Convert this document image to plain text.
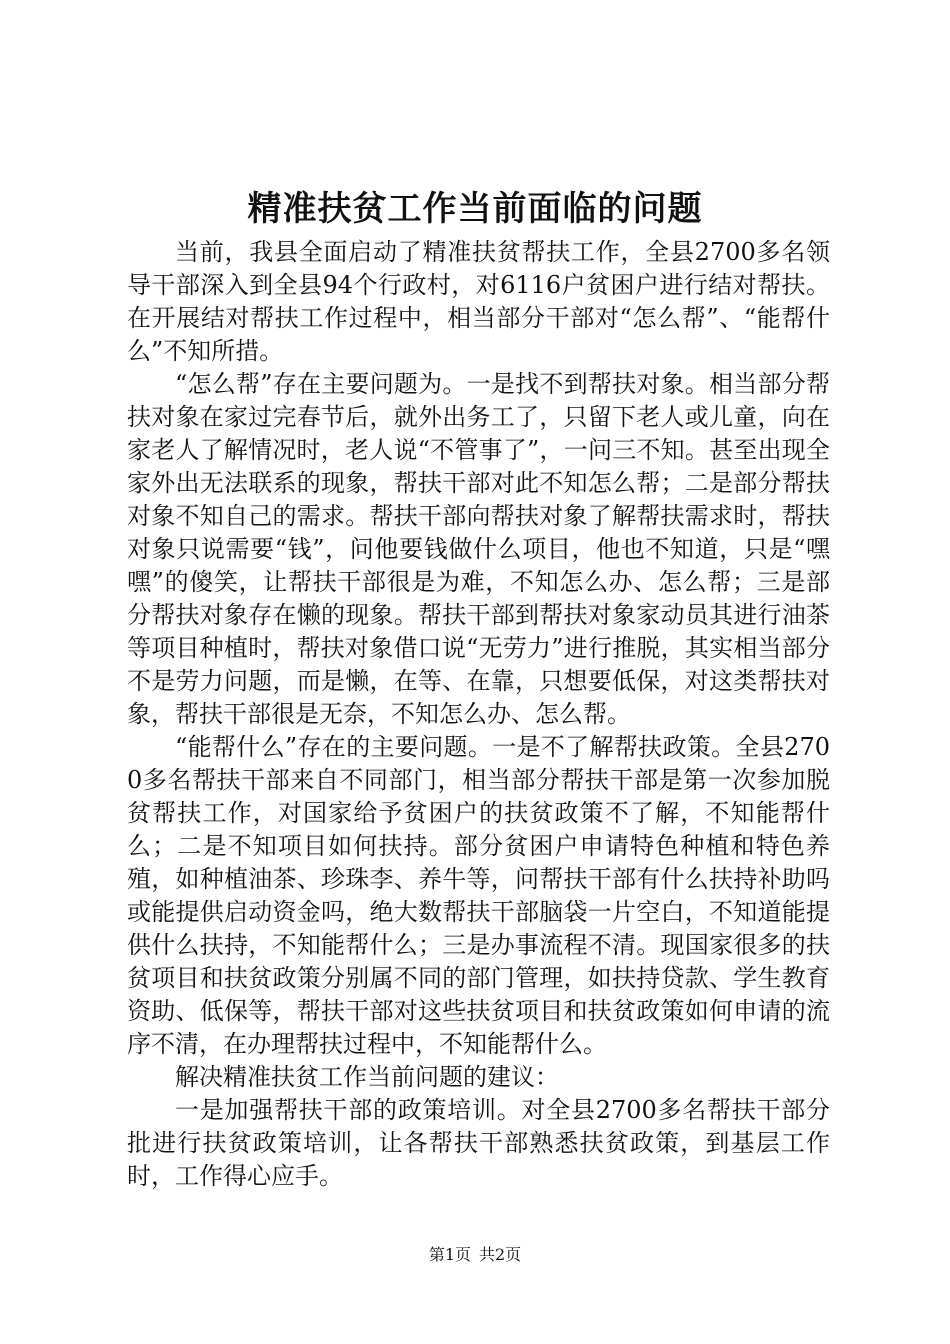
精准扶贫工作当前面临的问题

当前，我县全面启动了精准扶贫帮扶工作，全县2700多名领导干部深入到全县94个行政村，对6116户贫困户进行结对帮扶。在开展结对帮扶工作过程中，相当部分干部对“怎么帮”、“能帮什么”不知所措。

“怎么帮”存在主要问题为。一是找不到帮扶对象。相当部分帮扶对象在家过完春节后，就外出务工了，只留下老人或儿童，向在家老人了解情况时，老人说“不管事了”，一问三不知。甚至出现全家外出无法联系的现象，帮扶干部对此不知怎么帮；二是部分帮扶对象不知自己的需求。帮扶干部向帮扶对象了解帮扶需求时，帮扶对象只说需要“钱”，问他要钱做什么项目，他也不知道，只是“嘿嘿”的傻笑，让帮扶干部很是为难，不知怎么办、怎么帮；三是部分帮扶对象存在懒的现象。帮扶干部到帮扶对象家动员其进行油茶等项目种植时，帮扶对象借口说“无劳力”进行推脱，其实相当部分不是劳力问题，而是懒，在等、在靠，只想要低保，对这类帮扶对象，帮扶干部很是无奈，不知怎么办、怎么帮。

“能帮什么”存在的主要问题。一是不了解帮扶政策。全县2700多名帮扶干部来自不同部门，相当部分帮扶干部是第一次参加脱贫帮扶工作，对国家给予贫困户的扶贫政策不了解，不知能帮什么；二是不知项目如何扶持。部分贫困户申请特色种植和特色养殖，如种植油茶、珍珠李、养牛等，问帮扶干部有什么扶持补助吗或能提供启动资金吗，绝大数帮扶干部脑袋一片空白，不知道能提供什么扶持，不知能帮什么；三是办事流程不清。现国家很多的扶贫项目和扶贫政策分别属不同的部门管理，如扶持贷款、学生教育资助、低保等，帮扶干部对这些扶贫项目和扶贫政策如何申请的流序不清，在办理帮扶过程中，不知能帮什么。

解决精准扶贫工作当前问题的建议：

一是加强帮扶干部的政策培训。对全县2700多名帮扶干部分批进行扶贫政策培训，让各帮扶干部熟悉扶贫政策，到基层工作时，工作得心应手。

第1页 共2页
